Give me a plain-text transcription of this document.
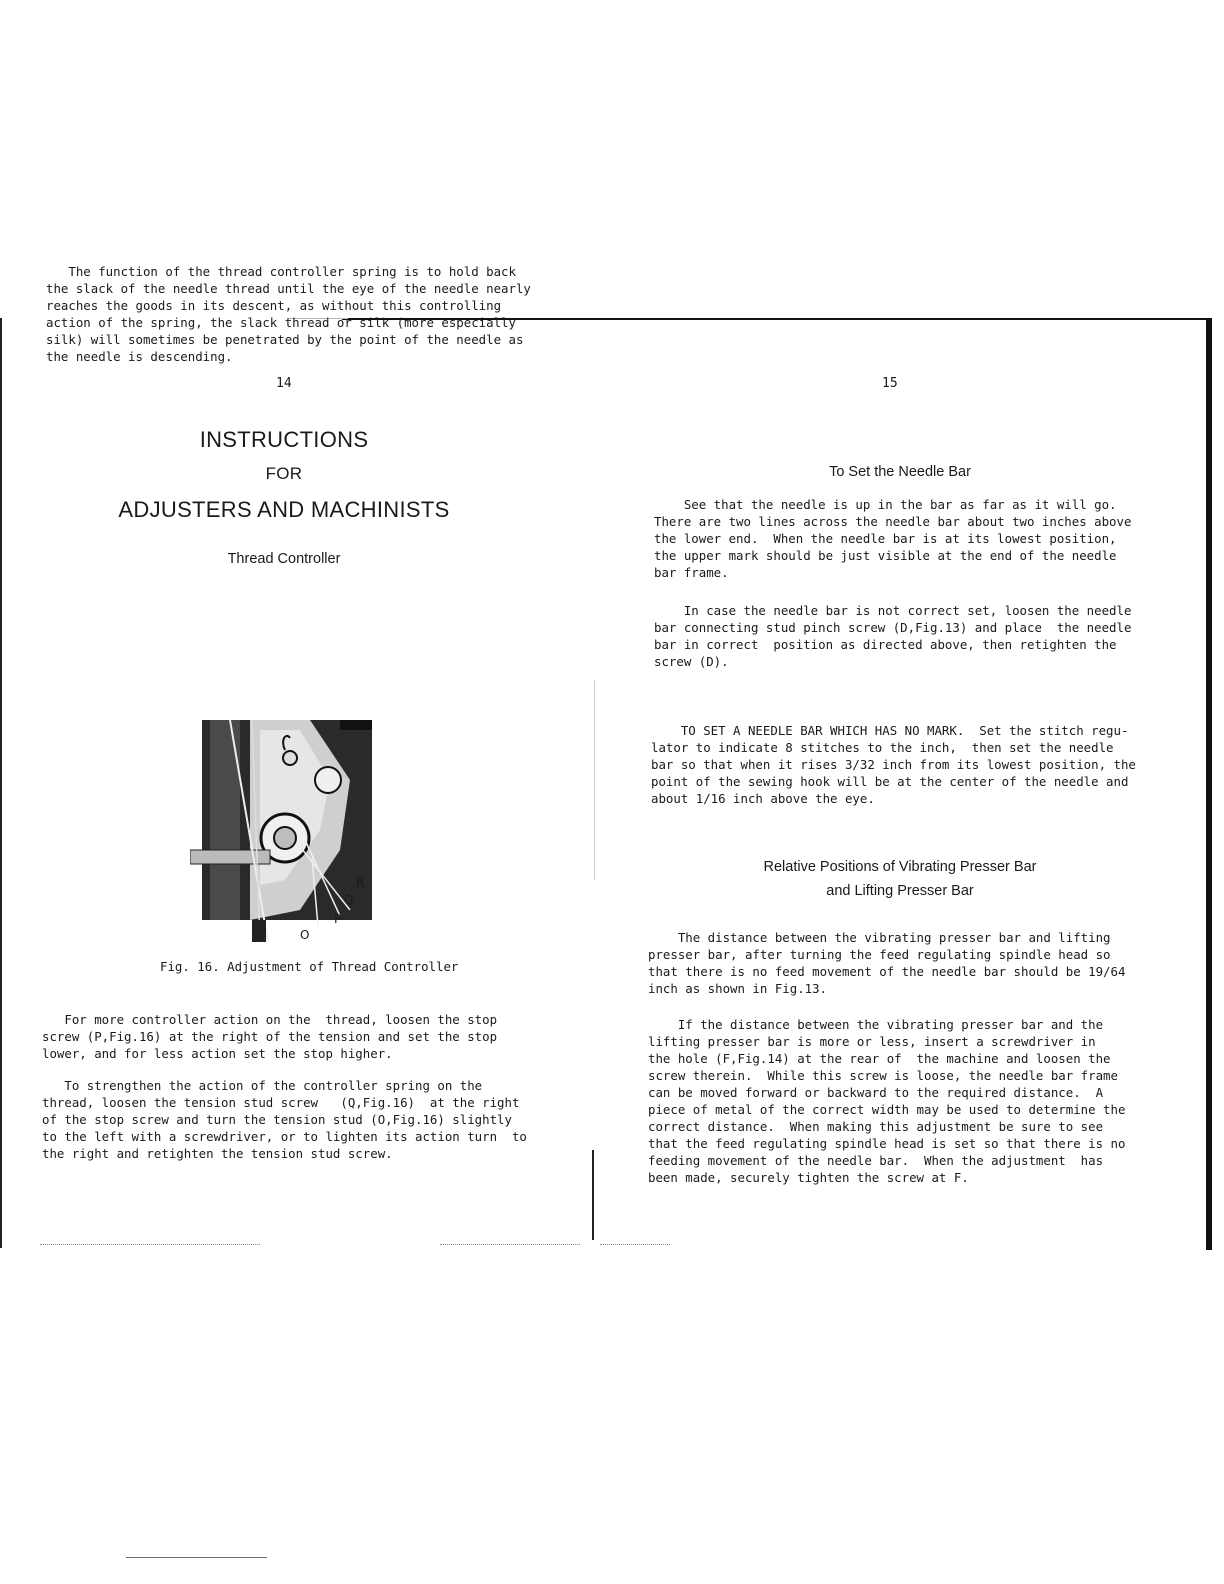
14
INSTRUCTIONS
FOR
ADJUSTERS AND MACHINISTS
Thread Controller
The function of the thread controller spring is to hold back
the slack of the needle thread until the eye of the needle nearly
reaches the goods in its descent, as without this controlling
action of the spring, the slack thread or silk (more especially
silk) will sometimes be penetrated by the point of the needle as
the needle is descending.
R
Q
P
O
Fig. 16. Adjustment of Thread Controller
For more controller action on the  thread, loosen the stop
screw (P,Fig.16) at the right of the tension and set the stop
lower, and for less action set the stop higher.
To strengthen the action of the controller spring on the
thread, loosen the tension stud screw   (Q,Fig.16)  at the right
of the stop screw and turn the tension stud (O,Fig.16) slightly
to the left with a screwdriver, or to lighten its action turn  to
the right and retighten the tension stud screw.
15
To Set the Needle Bar
See that the needle is up in the bar as far as it will go.
There are two lines across the needle bar about two inches above
the lower end.  When the needle bar is at its lowest position,
the upper mark should be just visible at the end of the needle
bar frame.
In case the needle bar is not correct set, loosen the needle
bar connecting stud pinch screw (D,Fig.13) and place  the needle
bar in correct  position as directed above, then retighten the
screw (D).
TO SET A NEEDLE BAR WHICH HAS NO MARK.  Set the stitch regu-
lator to indicate 8 stitches to the inch,  then set the needle
bar so that when it rises 3/32 inch from its lowest position, the
point of the sewing hook will be at the center of the needle and
about 1/16 inch above the eye.
Relative Positions of Vibrating Presser Bar
and Lifting Presser Bar
The distance between the vibrating presser bar and lifting
presser bar, after turning the feed regulating spindle head so
that there is no feed movement of the needle bar should be 19/64
inch as shown in Fig.13.
If the distance between the vibrating presser bar and the
lifting presser bar is more or less, insert a screwdriver in
the hole (F,Fig.14) at the rear of  the machine and loosen the
screw therein.  While this screw is loose, the needle bar frame
can be moved forward or backward to the required distance.  A
piece of metal of the correct width may be used to determine the
correct distance.  When making this adjustment be sure to see
that the feed regulating spindle head is set so that there is no
feeding movement of the needle bar.  When the adjustment  has
been made, securely tighten the screw at F.
